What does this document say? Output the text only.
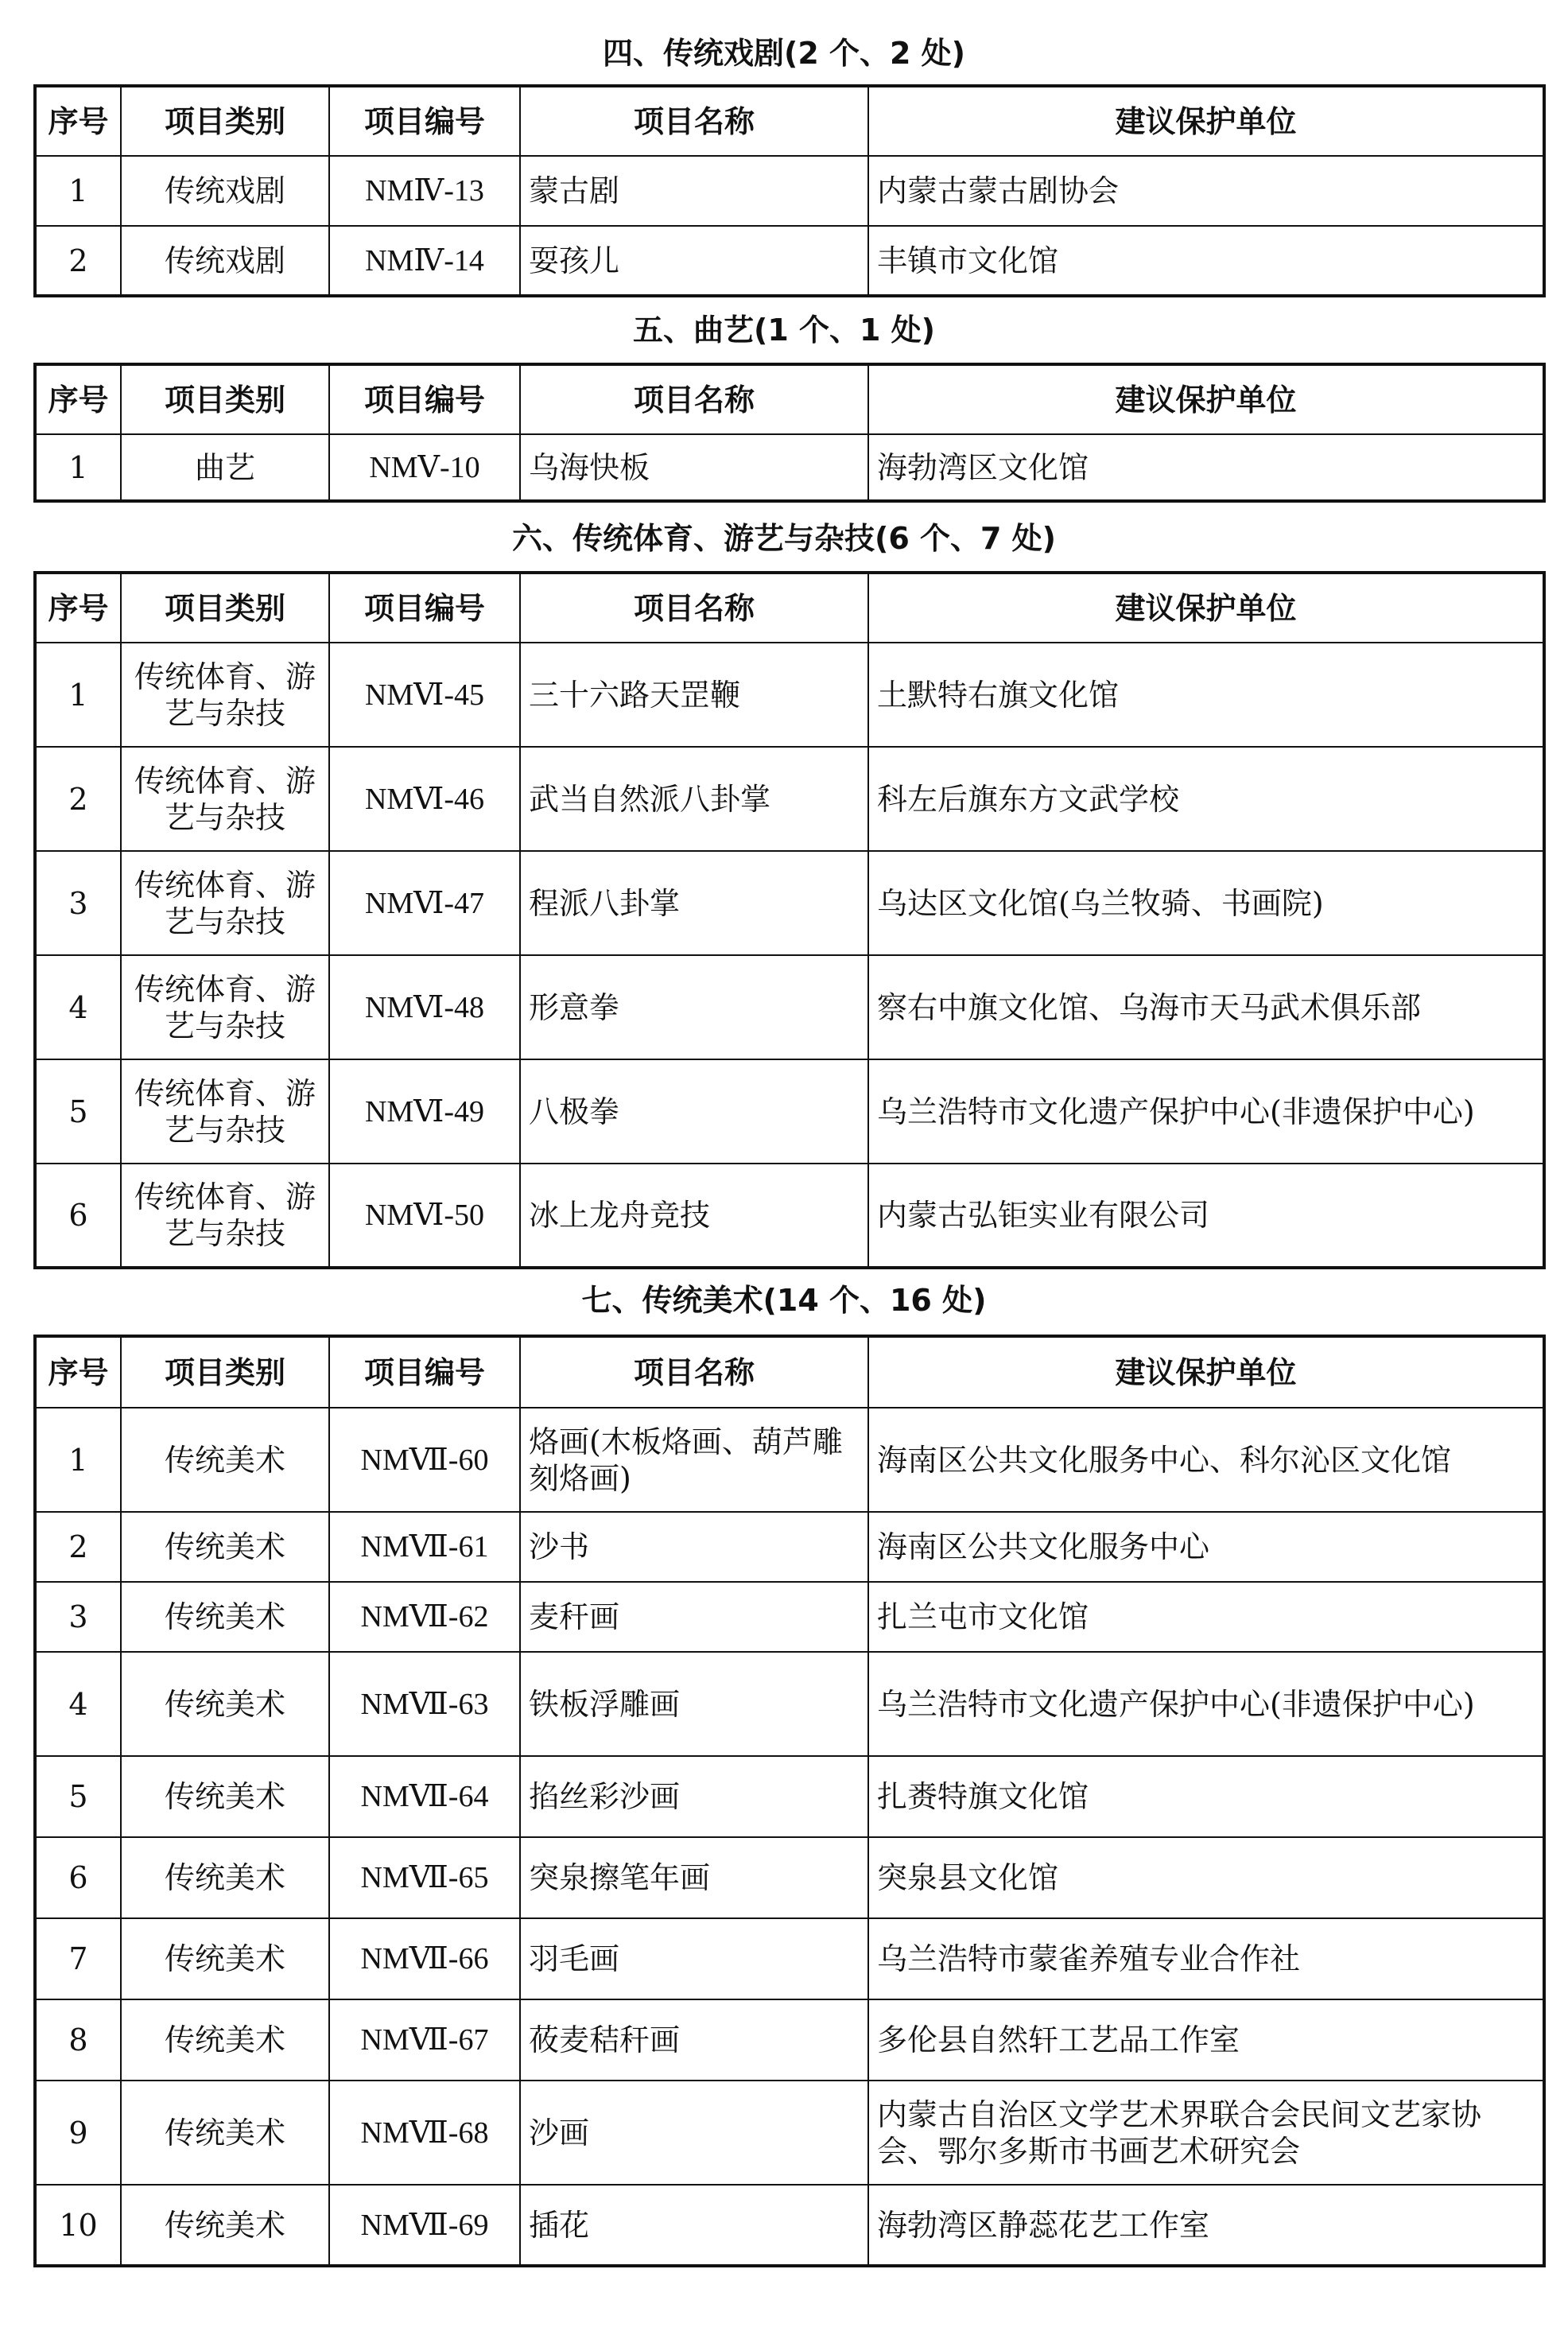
四、传统戏剧(2 个、2 处)
序号	项目类别	项目编号	项目名称	建议保护单位
1	传统戏剧	NMⅣ-13	蒙古剧	内蒙古蒙古剧协会
2	传统戏剧	NMⅣ-14	耍孩儿	丰镇市文化馆
五、曲艺(1 个、1 处)
序号	项目类别	项目编号	项目名称	建议保护单位
1	曲艺	NMⅤ-10	乌海快板	海勃湾区文化馆
六、传统体育、游艺与杂技(6 个、7 处)
序号	项目类别	项目编号	项目名称	建议保护单位
1	传统体育、游艺与杂技	NMⅥ-45	三十六路天罡鞭	土默特右旗文化馆
2	传统体育、游艺与杂技	NMⅥ-46	武当自然派八卦掌	科左后旗东方文武学校
3	传统体育、游艺与杂技	NMⅥ-47	程派八卦掌	乌达区文化馆(乌兰牧骑、书画院)
4	传统体育、游艺与杂技	NMⅥ-48	形意拳	察右中旗文化馆、乌海市天马武术俱乐部
5	传统体育、游艺与杂技	NMⅥ-49	八极拳	乌兰浩特市文化遗产保护中心(非遗保护中心)
6	传统体育、游艺与杂技	NMⅥ-50	冰上龙舟竞技	内蒙古弘钜实业有限公司
七、传统美术(14 个、16 处)
序号	项目类别	项目编号	项目名称	建议保护单位
1	传统美术	NMⅦ-60	烙画(木板烙画、葫芦雕刻烙画)	海南区公共文化服务中心、科尔沁区文化馆
2	传统美术	NMⅦ-61	沙书	海南区公共文化服务中心
3	传统美术	NMⅦ-62	麦秆画	扎兰屯市文化馆
4	传统美术	NMⅦ-63	铁板浮雕画	乌兰浩特市文化遗产保护中心(非遗保护中心)
5	传统美术	NMⅦ-64	掐丝彩沙画	扎赉特旗文化馆
6	传统美术	NMⅦ-65	突泉擦笔年画	突泉县文化馆
7	传统美术	NMⅦ-66	羽毛画	乌兰浩特市蒙雀养殖专业合作社
8	传统美术	NMⅦ-67	莜麦秸秆画	多伦县自然轩工艺品工作室
9	传统美术	NMⅦ-68	沙画	内蒙古自治区文学艺术界联合会民间文艺家协会、鄂尔多斯市书画艺术研究会
10	传统美术	NMⅦ-69	插花	海勃湾区静蕊花艺工作室
